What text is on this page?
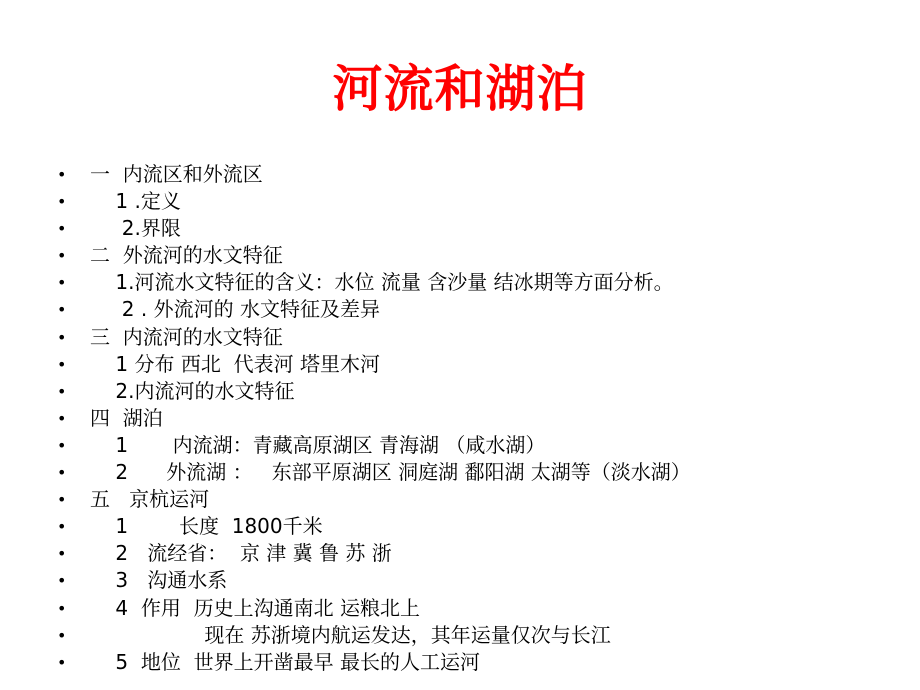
河流和湖泊
• 一  内流区和外流区
• 1 .定义
• 2.界限
• 二  外流河的水文特征
• 1.河流水文特征的含义：水位 流量 含沙量 结冰期等方面分析。
• 2 . 外流河的 水文特征及差异
• 三  内流河的水文特征
• 1 分布 西北  代表河 塔里木河
• 2.内流河的水文特征
• 四  湖泊
• 1       内流湖：青藏高原湖区 青海湖 （咸水湖）
• 2      外流湖 ：   东部平原湖区 洞庭湖 鄱阳湖 太湖等（淡水湖）
• 五   京杭运河
• 1        长度  1800千米
• 2   流经省：  京 津 冀 鲁 苏 浙
• 3   沟通水系
• 4  作用  历史上沟通南北 运粮北上
• 现在 苏浙境内航运发达，其年运量仅次与长江
• 5  地位  世界上开凿最早 最长的人工运河
